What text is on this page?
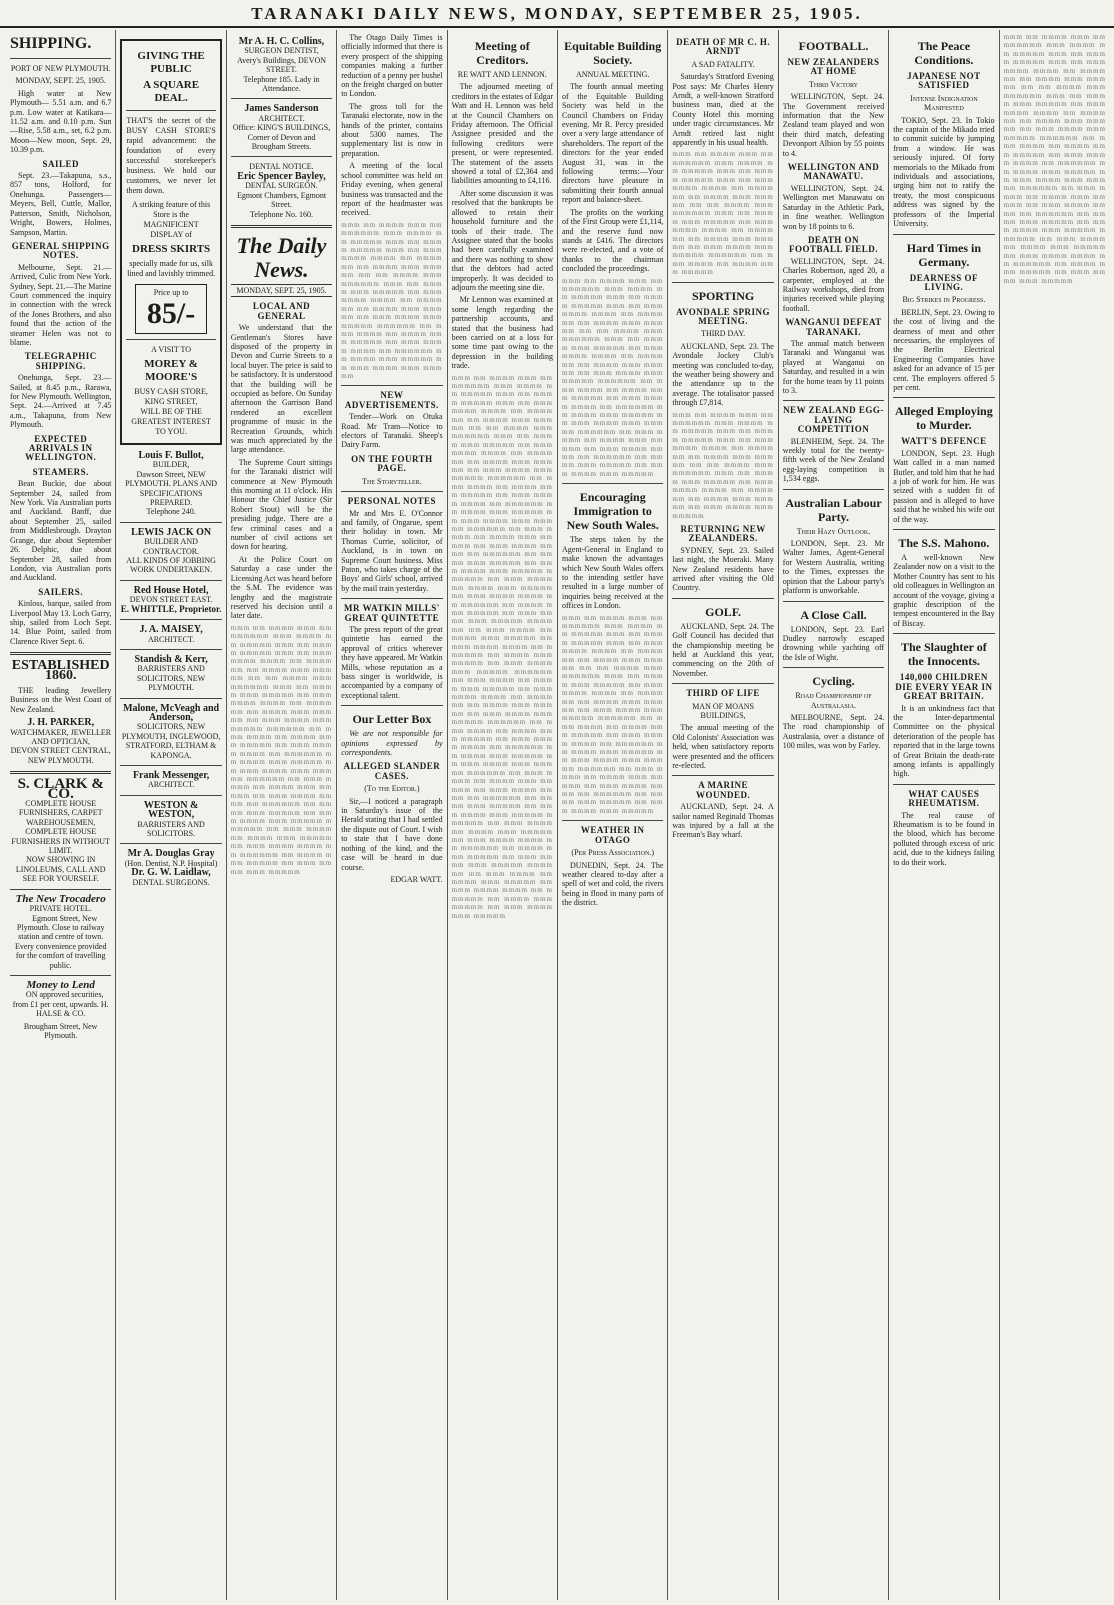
TARANAKI DAILY NEWS, MONDAY, SEPTEMBER 25, 1905.
SHIPPING.
PORT OF NEW PLYMOUTH.
MONDAY, SEPT. 25, 1905.
High water at New Plymouth— 5.51 a.m. and 6.7 p.m. Low water at Katikara—11.52 a.m. and 0.10 p.m. Sun—Rise, 5.58 a.m., set, 6.2 p.m. Moon—New moon, Sept. 29, 10.39 p.m.
SAILED
Sept. 23.—Takapuna, s.s., 857 tons, Holford, for Onehunga. Passengers—Meyers, Bell, Cuttle, Mallor, Patterson, Smith, Nicholson, Wright, Bowers, Holmes, Sampson, Martin.
GENERAL SHIPPING NOTES.
Melbourne, Sept. 21.—Arrived, Culic from New York. Sydney, Sept. 21.—The Marine Court commenced the inquiry in connection with the wreck of the Jones Brothers, and also found that the action of the steamer Helen was not to blame.
TELEGRAPHIC SHIPPING.
Onehunga, Sept. 23.—Sailed, at 8.45 p.m., Rarawa, for New Plymouth. Wellington, Sept. 24.—Arrived at 7.45 a.m., Takapuna, from New Plymouth.
EXPECTED ARRIVALS IN WELLINGTON.
STEAMERS.
Bean Buckie, due about September 24, sailed from New York. Via Australian ports and Auckland. Banff, due about September 25, sailed from Middlesbrough. Drayton Grange, due about September 26. Delphic, due about September 28, sailed from London, via Australian ports and Auckland.
SAILERS.
Kinloss, barque, sailed from Liverpool May 13. Loch Garry, ship, sailed from Loch Sept. 14. Blue Point, sailed from Clarence River Sept. 6.
ESTABLISHED 1860.
THE leading Jewellery Business on the West Coast of New Zealand.
J. H. PARKER,
WATCHMAKER, JEWELLER AND OPTICIAN,
DEVON STREET CENTRAL, NEW PLYMOUTH.
S. CLARK & CO.
COMPLETE HOUSE FURNISHERS, CARPET WAREHOUSEMEN, COMPLETE HOUSE FURNISHERS IN WITHOUT LIMIT.
NOW SHOWING IN LINOLEUMS, CALL AND SEE FOR YOURSELF.
The New Trocadero
PRIVATE HOTEL.
Egmont Street, New Plymouth. Close to railway station and centre of town. Every convenience provided for the comfort of travelling public.
Money to Lend
ON approved securities, from £1 per cent, upwards. H. HALSE & CO.
Brougham Street, New Plymouth.
GIVING THE PUBLIC
A SQUARE DEAL.
THAT'S the secret of the BUSY CASH STORE'S rapid advancement: the foundation of every successful storekeeper's business. We hold our customers, we never let them down.
A striking feature of this Store is the MAGNIFICENT DISPLAY of
DRESS SKIRTS
specially made for us, silk lined and lavishly trimmed.
Price up to
85/-
A VISIT TO
MOREY & MOORE'S
BUSY CASH STORE,
KING STREET,
WILL BE OF THE GREATEST INTEREST TO YOU.
Louis F. Bullot,
BUILDER,
Dawson Street, NEW PLYMOUTH. PLANS AND SPECIFICATIONS PREPARED.
Telephone 240.
LEWIS JACK ON
BUILDER AND CONTRACTOR.
ALL KINDS OF JOBBING WORK UNDERTAKEN.
Red House Hotel,
DEVON STREET EAST.
E. WHITTLE, Proprietor.
J. A. MAISEY,
ARCHITECT.
Standish & Kerr,
BARRISTERS AND SOLICITORS, NEW PLYMOUTH.
Malone, McVeagh and Anderson,
SOLICITORS, NEW PLYMOUTH, INGLEWOOD, STRATFORD, ELTHAM & KAPONGA.
Frank Messenger,
ARCHITECT.
WESTON & WESTON,
BARRISTERS AND SOLICITORS.
Mr A. Douglas Gray
(Hon. Dentist, N.P. Hospital)
Dr. G. W. Laidlaw,
DENTAL SURGEONS.
Mr A. H. C. Collins,
SURGEON DENTIST,
Avery's Buildings, DEVON STREET.
Telephone 185. Lady in Attendance.
James Sanderson
ARCHITECT.
Office: KING'S BUILDINGS, Corner of Devon and Brougham Streets.
DENTAL NOTICE.
Eric Spencer Bayley,
DENTAL SURGEON.
Egmont Chambers, Egmont Street.
Telephone No. 160.
The Daily News.
MONDAY, SEPT. 25, 1905.
LOCAL AND GENERAL
We understand that the Gentleman's Stores have disposed of the property in Devon and Currie Streets to a local buyer. The price is said to be satisfactory. It is understood that the building will be occupied as before. On Sunday afternoon the Garrison Band rendered an excellent programme of music in the Recreation Grounds, which was much appreciated by the large attendance.
The Supreme Court sittings for the Taranaki district will commence at New Plymouth this morning at 11 o'clock. His Honour the Chief Justice (Sir Robert Stout) will be the presiding judge. There are a few criminal cases and a number of civil actions set down for hearing.
At the Police Court on Saturday a case under the Licensing Act was heard before the S.M. The evidence was lengthy and the magistrate reserved his decision until a later date.
mmm mm mmmm mmm mm mmmmmm mmm mmmm mm mmmmm mmm mm mmmm mmmmm mmm mm mmm mmmm mmmm mm mmmmmm mm mmmm mmm mmmmm mm mm mmmm mmm mmmmmm mmm mm mmmm mmm mmmmm mm mmm mmmm mmmm mm mmmmmm mm mmmm mmm mmmmm mm mmm mmmm mmm mmmmm mmmmmm mm mmm mmmm mm mmmm mmm mmmmm mm mmm mmmm mmmm mm mmmmmm mm mmmm mmm mmmmm mm mmm mmmm mmm mmmmm mmmmmm mm mmm mmmm mm mmmm mmm mmmmm mm mmm mmmm mmmm mm mmmmmm mm mmmm mmm mmmmm mm mmm mmmm mmm mmmmm mmmmmm mm mmm mmmm mm mmmm mmm mmmmm mm mmm mmmm mmmm mm mmmmmm mm mmmm mmm mmmmm mm mmm mmmm mmm mmmmm
The Otago Daily Times is officially informed that there is every prospect of the shipping companies making a further reduction of a penny per bushel on the freight charged on butter to London.
The gross toll for the Taranaki electorate, now in the hands of the printer, contains about 5300 names. The supplementary list is now in preparation.
A meeting of the local school committee was held on Friday evening, when general business was transacted and the report of the headmaster was received.
mmm mm mmmm mmm mm mmmmmm mmm mmmm mm mmmmm mmm mm mmmm mmmmm mmm mm mmm mmmm mmmm mm mmmmmm mm mmmm mmm mmmmm mm mm mmmm mmm mmmmmm mmm mm mmmm mmm mmmmm mm mmm mmmm mmmm mm mmmmmm mm mmmm mmm mmmmm mm mmm mmmm mmm mmmmm mmmmmm mm mmm mmmm mm mmmm mmm mmmmm mm mmm mmmm mmmm mm mmmmmm mm mmmm mmm mmmmm mm mmm mmmm mmm mmmmm
NEW ADVERTISEMENTS.
Tender—Work on Otuka Road. Mr Tram—Notice to electors of Taranaki. Sheep's Dairy Farm.
ON THE FOURTH PAGE.
The Storyteller.
PERSONAL NOTES
Mr and Mrs E. O'Connor and family, of Ongarue, spent their holiday in town. Mr Thomas Currie, solicitor, of Auckland, is in town on Supreme Court business. Miss Paton, who takes charge of the Boys' and Girls' school, arrived by the mail train yesterday.
MR WATKIN MILLS' GREAT QUINTETTE
The press report of the great quintette has earned the approval of critics wherever they have appeared. Mr Watkin Mills, whose reputation as a bass singer is worldwide, is accompanied by a company of exceptional talent.
Our Letter Box
We are not responsible for opinions expressed by correspondents.
ALLEGED SLANDER CASES.
(To the Editor.)
Sir,—I noticed a paragraph in Saturday's issue of the Herald stating that I had settled the dispute out of Court. I wish to state that I have done nothing of the kind, and the case will be heard in due course.
EDGAR WATT.
Meeting of Creditors.
RE WATT AND LENNON.
The adjourned meeting of creditors in the estates of Edgar Watt and H. Lennon was held at the Council Chambers on Friday afternoon. The Official Assignee presided and the following creditors were present, or were represented. The statement of the assets showed a total of £2,364 and liabilities amounting to £4,116.
After some discussion it was resolved that the bankrupts be allowed to retain their household furniture and the tools of their trade. The Assignee stated that the books had been carefully examined and there was nothing to show that the debtors had acted improperly. It was decided to adjourn the meeting sine die.
Mr Lennon was examined at some length regarding the partnership accounts, and stated that the business had been carried on at a loss for some time past owing to the depression in the building trade.
mmm mm mmmm mmm mm mmmmmm mmm mmmm mm mmmmm mmm mm mmmm mmmmm mmm mm mmm mmmm mmmm mm mmmmmm mm mmmm mmm mmmmm mm mm mmmm mmm mmmmmm mmm mm mmmm mmm mmmmm mm mmm mmmm mmmm mm mmmmmm mm mmmm mmm mmmmm mm mmm mmmm mmm mmmmm mmmmmm mm mmm mmmm mm mmmm mmm mmmmm mm mmm mmmm mmmm mm mmmmmm mm mmmm mmm mmmmm mm mmm mmmm mmm mmmmm mmmmmm mm mmm mmmm mm mmmm mmm mmmmm mm mmm mmmm mmmm mm mmmmmm mm mmmm mmm mmmmm mm mmm mmmm mmm mmmmm mmmmmm mm mmm mmmm mm mmmm mmm mmmmm mm mmm mmmm mmmm mm mmmmmm mm mmmm mmm mmmmm mm mmm mmmm mmm mmmmm mmmmmm mm mmm mmmm mm mmmm mmm mmmmm mm mmm mmmm mmmm mm mmmmmm mm mmmm mmm mmmmm mm mmm mmmm mmm mmmmm mmmmmm mm mmm mmmm mm mmmm mmm mmmmm mm mmm mmmm mmmm mm mmmmmm mm mmmm mmm mmmmm mm mmm mmmm mmm mmmmm mmmmmm mm mmm mmmm mm mmmm mmm mmmmm mm mmm mmmm mmmm mm mmmmmm mm mmmm mmm mmmmm mm mmm mmmm mmm mmmmm mmmmmm mm mmm mmmm mm mmmm mmm mmmmm mm mmm mmmm mmmm mm mmmmmm mm mmmm mmm mmmmm mm mmm mmmm mmm mmmmm mmmmmm mm mmm mmmm mm mmmm mmm mmmmm mm mmm mmmm mmmm mm mmmmmm mm mmmm mmm mmmmm mm mmm mmmm mmm mmmmm mmmmmm mm mmm mmmm mm mmmm mmm mmmmm mm mmm mmmm mmmm mm mmmmmm mm mmmm mmm mmmmm mm mmm mmmm mmm mmmmm
Equitable Building Society.
ANNUAL MEETING.
The fourth annual meeting of the Equitable Building Society was held in the Council Chambers on Friday evening. Mr R. Percy presided over a very large attendance of shareholders. The report of the directors for the year ended August 31, was in the following terms:—Your directors have pleasure in submitting their fourth annual report and balance-sheet.
The profits on the working of the First Group were £1,114, and the reserve fund now stands at £416. The directors were re-elected, and a vote of thanks to the chairman concluded the proceedings.
mmm mm mmmm mmm mm mmmmmm mmm mmmm mm mmmmm mmm mm mmmm mmmmm mmm mm mmm mmmm mmmm mm mmmmmm mm mmmm mmm mmmmm mm mm mmmm mmm mmmmmm mmm mm mmmm mmm mmmmm mm mmm mmmm mmmm mm mmmmmm mm mmmm mmm mmmmm mm mmm mmmm mmm mmmmm mmmmmm mm mmm mmmm mm mmmm mmm mmmmm mm mmm mmmm mmmm mm mmmmmm mm mmmm mmm mmmmm mm mmm mmmm mmm mmmmm mmmmmm mm mmm mmmm mm mmmm mmm mmmmm mm mmm mmmm mmmm mm mmmmmm mm mmmm mmm mmmmm mm mmm mmmm mmm mmmmm
Encouraging Immigration to New South Wales.
The steps taken by the Agent-General in England to make known the advantages which New South Wales offers to the intending settler have resulted in a large number of inquiries being received at the offices in London.
mmm mm mmmm mmm mm mmmmmm mmm mmmm mm mmmmm mmm mm mmmm mmmmm mmm mm mmm mmmm mmmm mm mmmmmm mm mmmm mmm mmmmm mm mm mmmm mmm mmmmmm mmm mm mmmm mmm mmmmm mm mmm mmmm mmmm mm mmmmmm mm mmmm mmm mmmmm mm mmm mmmm mmm mmmmm mmmmmm mm mmm mmmm mm mmmm mmm mmmmm mm mmm mmmm mmmm mm mmmmmm mm mmmm mmm mmmmm mm mmm mmmm mmm mmmmm mmmmmm mm mmm mmmm mm mmmm mmm mmmmm mm mmm mmmm mmmm mm mmmmmm mm mmmm mmm mmmmm mm mmm mmmm mmm mmmmm
WEATHER IN OTAGO
(Per Press Association.)
DUNEDIN, Sept. 24. The weather cleared to-day after a spell of wet and cold, the rivers being in flood in many parts of the district.
DEATH OF MR C. H. ARNDT
A SAD FATALITY.
Saturday's Stratford Evening Post says: Mr Charles Henry Arndt, a well-known Stratford business man, died at the County Hotel this morning under tragic circumstances. Mr Arndt retired last night apparently in his usual health.
mmm mm mmmm mmm mm mmmmmm mmm mmmm mm mmmmm mmm mm mmmm mmmmm mmm mm mmm mmmm mmmm mm mmmmmm mm mmmm mmm mmmmm mm mm mmmm mmm mmmmmm mmm mm mmmm mmm mmmmm mm mmm mmmm mmmm mm mmmmmm mm mmmm mmm mmmmm mm mmm mmmm mmm mmmmm mmmmmm mm mmm mmmm mm mmmm mmm mmmmm
SPORTING
AVONDALE SPRING MEETING.
THIRD DAY.
AUCKLAND, Sept. 23. The Avondale Jockey Club's meeting was concluded to-day, the weather being showery and the attendance up to the average. The totalisator passed through £7,814.
mmm mm mmmm mmm mm mmmmmm mmm mmmm mm mmmmm mmm mm mmmm mmmmm mmm mm mmm mmmm mmmm mm mmmmmm mm mmmm mmm mmmmm mm mm mmmm mmm mmmmmm mmm mm mmmm mmm mmmmm mm mmm mmmm mmmm mm mmmmmm mm mmmm mmm mmmmm mm mmm mmmm mmm mmmmm
RETURNING NEW ZEALANDERS.
SYDNEY, Sept. 23. Sailed last night, the Moeraki. Many New Zealand residents have arrived after visiting the Old Country.
GOLF.
AUCKLAND, Sept. 24. The Golf Council has decided that the championship meeting be held at Auckland this year, commencing on the 20th of November.
THIRD OF LIFE
MAN OF MOANS BUILDINGS,
The annual meeting of the Old Colonists' Association was held, when satisfactory reports were presented and the officers re-elected.
A MARINE WOUNDED.
AUCKLAND, Sept. 24. A sailor named Reginald Thomas was injured by a fall at the Freeman's Bay wharf.
FOOTBALL.
NEW ZEALANDERS AT HOME
Third Victory
WELLINGTON, Sept. 24. The Government received information that the New Zealand team played and won their third match, defeating Devonport Albion by 55 points to 4.
WELLINGTON AND MANAWATU.
WELLINGTON, Sept. 24. Wellington met Manawatu on Saturday in the Athletic Park, in fine weather. Wellington won by 18 points to 6.
DEATH ON FOOTBALL FIELD.
WELLINGTON, Sept. 24. Charles Robertson, aged 20, a carpenter, employed at the Railway workshops, died from injuries received while playing football.
WANGANUI DEFEAT TARANAKI.
The annual match between Taranaki and Wanganui was played at Wanganui on Saturday, and resulted in a win for the home team by 11 points to 3.
NEW ZEALAND EGG-LAYING COMPETITION
BLENHEIM, Sept. 24. The weekly total for the twenty-fifth week of the New Zealand egg-laying competition is 1,534 eggs.
Australian Labour Party.
Their Hazy Outlook.
LONDON, Sept. 23. Mr Walter James, Agent-General for Western Australia, writing to the Times, expresses the opinion that the Labour party's platform is unworkable.
A Close Call.
LONDON, Sept. 23. Earl Dudley narrowly escaped drowning while yachting off the Isle of Wight.
Cycling.
Road Championship of Australasia.
MELBOURNE, Sept. 24. The road championship of Australasia, over a distance of 100 miles, was won by Farley.
The Peace Conditions.
JAPANESE NOT SATISFIED
Intense Indignation Manifested
TOKIO, Sept. 23. In Tokio the captain of the Mikado tried to commit suicide by jumping from a window. He was seriously injured. Of forty memorials to the Mikado from individuals and associations, urging him not to ratify the treaty, the most conspicuous address was signed by the professors of the Imperial University.
Hard Times in Germany.
DEARNESS OF LIVING.
Big Strikes in Progress.
BERLIN, Sept. 23. Owing to the cost of living and the dearness of meat and other necessaries, the employees of the Berlin Electrical Engineering Companies have asked for an advance of 15 per cent. The employers offered 5 per cent.
Alleged Employing to Murder.
WATT'S DEFENCE
LONDON, Sept. 23. Hugh Watt called in a man named Butler, and told him that he had a job of work for him. He was seized with a sudden fit of passion and is alleged to have said that he wished his wife out of the way.
The S.S. Mahono.
A well-known New Zealander now on a visit to the Mother Country has sent to his old colleagues in Wellington an account of the voyage, giving a graphic description of the tempest encountered in the Bay of Biscay.
The Slaughter of the Innocents.
140,000 CHILDREN DIE EVERY YEAR IN GREAT BRITAIN.
It is an unkindness fact that the Inter-departmental Committee on the physical deterioration of the people has reported that in the large towns of Great Britain the death-rate among infants is appallingly high.
WHAT CAUSES RHEUMATISM.
The real cause of Rheumatism is to be found in the blood, which has become polluted through excess of uric acid, due to the kidneys failing to do their work.
mmm mm mmmm mmm mm mmmmmm mmm mmmm mm mmmmm mmm mm mmmm mmmmm mmm mm mmm mmmm mmmm mm mmmmmm mm mmmm mmm mmmmm mm mm mmmm mmm mmmmmm mmm mm mmmm mmm mmmmm mm mmm mmmm mmmm mm mmmmmm mm mmmm mmm mmmmm mm mmm mmmm mmm mmmmm mmmmmm mm mmm mmmm mm mmmm mmm mmmmm mm mmm mmmm mmmm mm mmmmmm mm mmmm mmm mmmmm mm mmm mmmm mmm mmmmm mmmmmm mm mmm mmmm mm mmmm mmm mmmmm mm mmm mmmm mmmm mm mmmmmm mm mmmm mmm mmmmm mm mmm mmmm mmm mmmmm mmmmmm mm mmm mmmm mm mmmm mmm mmmmm mm mmm mmmm mmmm mm mmmmmm mm mmmm mmm mmmmm mm mmm mmmm mmm mmmmm
